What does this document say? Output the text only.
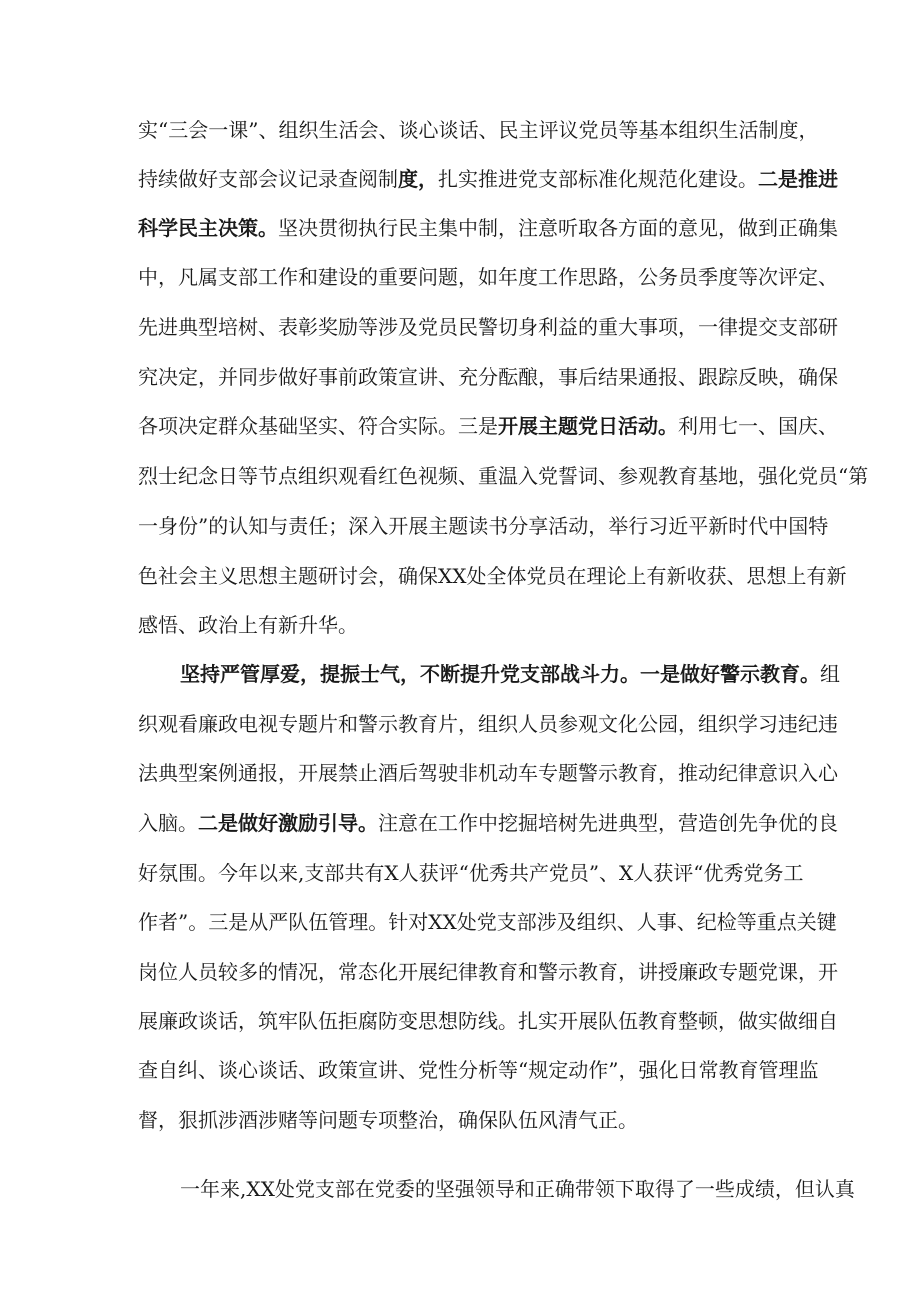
实“三会一课”、组织生活会、谈心谈话、民主评议党员等基本组织生活制度，
持续做好支部会议记录查阅制度，扎实推进党支部标准化规范化建设。二是推进
科学民主决策。坚决贯彻执行民主集中制，注意听取各方面的意见，做到正确集
中，凡属支部工作和建设的重要问题，如年度工作思路，公务员季度等次评定、
先进典型培树、表彰奖励等涉及党员民警切身利益的重大事项，一律提交支部研
究决定，并同步做好事前政策宣讲、充分酝酿，事后结果通报、跟踪反映，确保
各项决定群众基础坚实、符合实际。三是开展主题党日活动。利用七一、国庆、
烈士纪念日等节点组织观看红色视频、重温入党誓词、参观教育基地，强化党员“第
一身份”的认知与责任；深入开展主题读书分享活动，举行习近平新时代中国特
色社会主义思想主题研讨会，确保XX处全体党员在理论上有新收获、思想上有新
感悟、政治上有新升华。
坚持严管厚爱，提振士气，不断提升党支部战斗力。一是做好警示教育。组
织观看廉政电视专题片和警示教育片，组织人员参观文化公园，组织学习违纪违
法典型案例通报，开展禁止酒后驾驶非机动车专题警示教育，推动纪律意识入心
入脑。二是做好激励引导。注意在工作中挖掘培树先进典型，营造创先争优的良
好氛围。今年以来,支部共有X人获评“优秀共产党员”、X人获评“优秀党务工
作者”。三是从严队伍管理。针对XX处党支部涉及组织、人事、纪检等重点关键
岗位人员较多的情况，常态化开展纪律教育和警示教育，讲授廉政专题党课，开
展廉政谈话，筑牢队伍拒腐防变思想防线。扎实开展队伍教育整顿，做实做细自
查自纠、谈心谈话、政策宣讲、党性分析等“规定动作”，强化日常教育管理监
督，狠抓涉酒涉赌等问题专项整治，确保队伍风清气正。
一年来,XX处党支部在党委的坚强领导和正确带领下取得了一些成绩，但认真
